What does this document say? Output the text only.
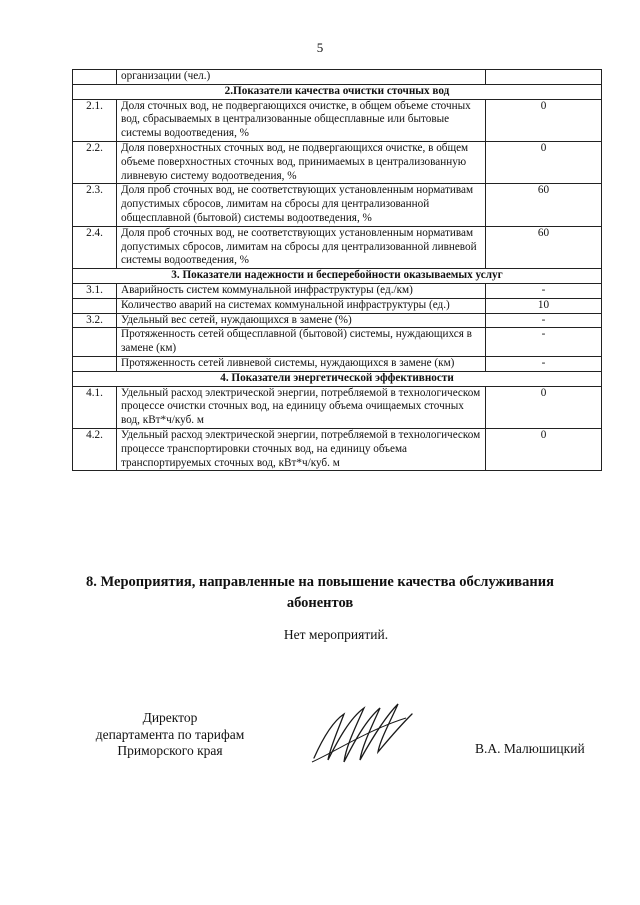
5
	организации (чел.)	
2.Показатели качества очистки сточных вод		
2.1.	Доля сточных вод, не подвергающихся очистке, в общем объеме сточных вод, сбрасываемых в централизованные общесплавные или бытовые системы водоотведения, %	0
2.2.	Доля поверхностных сточных вод, не подвергающихся очистке, в общем объеме поверхностных сточных вод, принимаемых в централизованную ливневую систему водоотведения, %	0
2.3.	Доля проб сточных вод, не соответствующих установленным нормативам допустимых сбросов, лимитам на сбросы для централизованной общесплавной (бытовой) системы водоотведения, %	60
2.4.	Доля проб сточных вод, не соответствующих установленным нормативам допустимых сбросов, лимитам на сбросы для централизованной ливневой системы водоотведения, %	60
3. Показатели надежности и бесперебойности оказываемых услуг		
3.1.	Аварийность систем коммунальной инфраструктуры (ед./км)	-
	Количество аварий на системах коммунальной инфраструктуры (ед.)	10
3.2.	Удельный вес сетей, нуждающихся в замене (%)	-
	Протяженность сетей общесплавной (бытовой) системы, нуждающихся в замене (км)	-
	Протяженность сетей ливневой системы, нуждающихся в замене (км)	-
4. Показатели энергетической эффективности		
4.1.	Удельный расход электрической энергии, потребляемой в технологическом процессе очистки сточных вод, на единицу объема очищаемых сточных вод, кВт*ч/куб. м	0
4.2.	Удельный расход электрической энергии, потребляемой в технологическом процессе транспортировки сточных вод, на единицу объема транспортируемых сточных вод, кВт*ч/куб. м	0
8. Мероприятия, направленные на повышение качества обслуживания абонентов
Нет мероприятий.
Директор
департамента по тарифам
Приморского края	В.А. Малюшицкий
